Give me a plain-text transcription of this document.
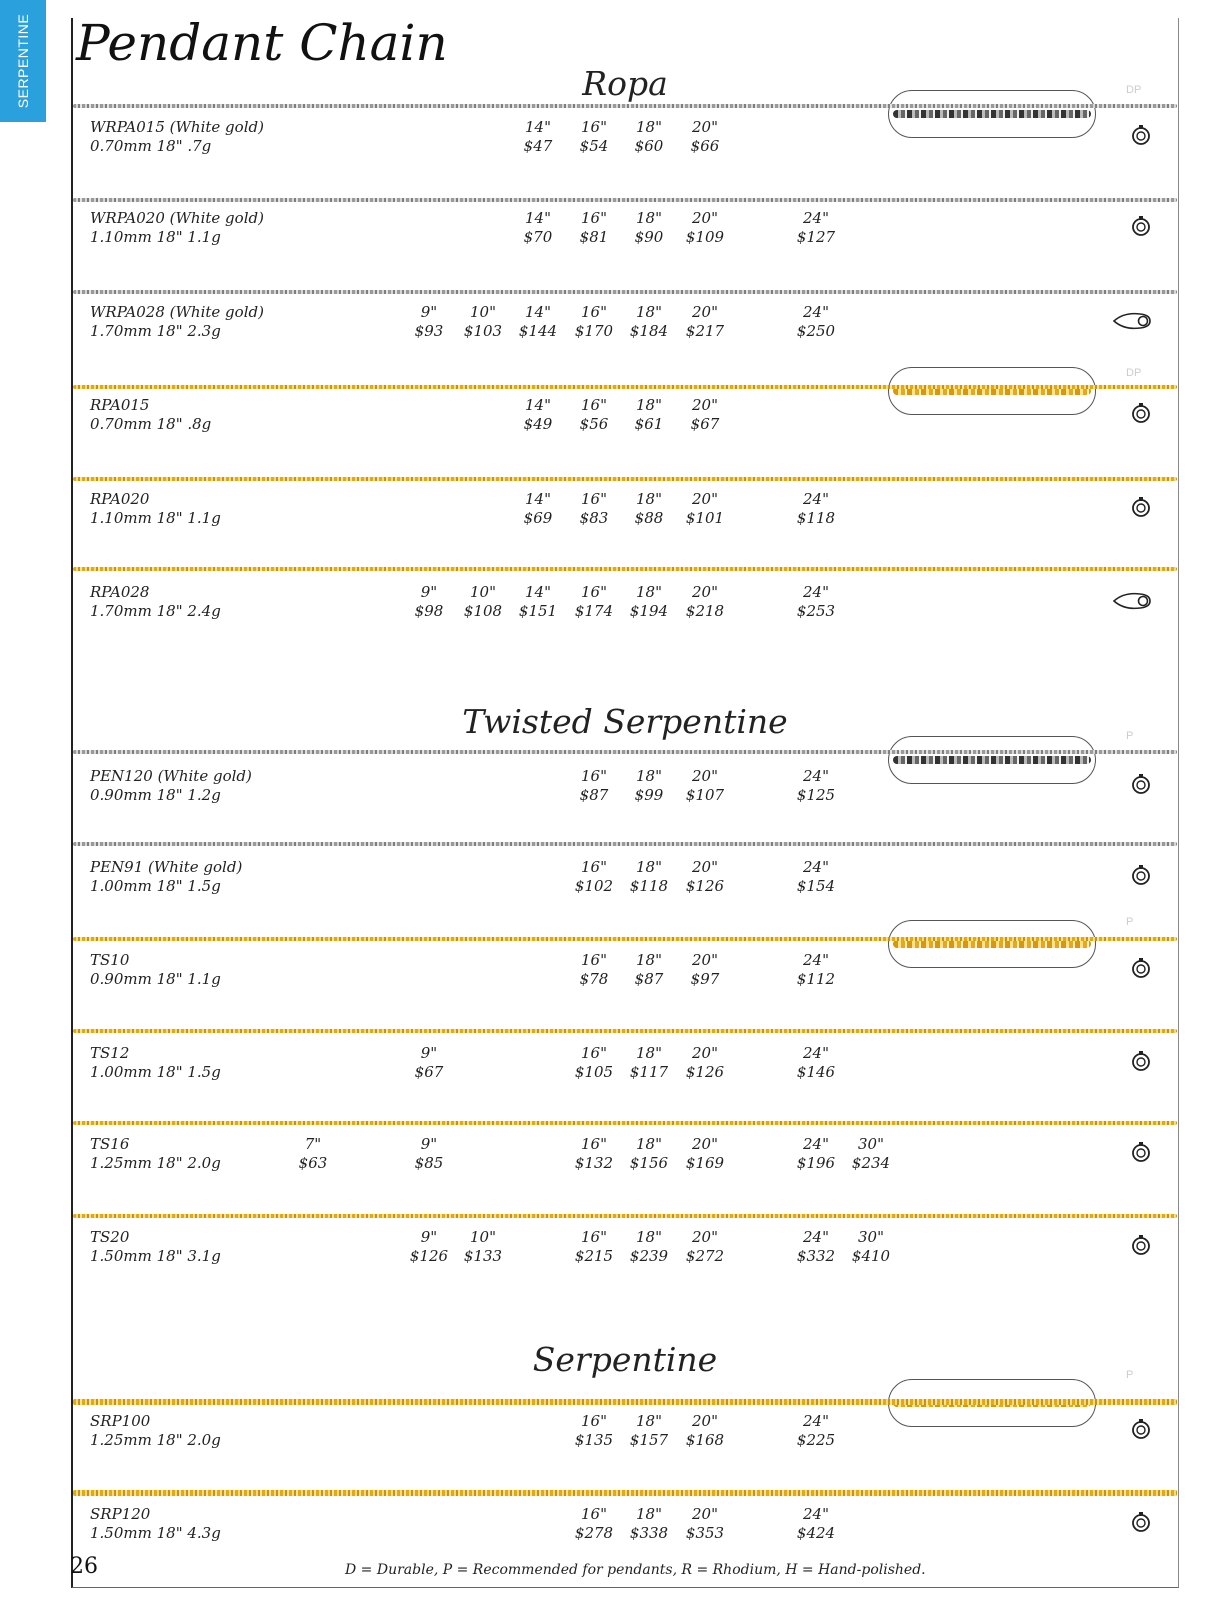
SERPENTINE Pendant Chain
Ropa
Twisted Serpentine
Serpentine
DP
DP
P
P
P
WRPA015 (White gold)
0.70mm 18" .7g
14"
$47
16"
$54
18"
$60
20"
$66
WRPA020 (White gold)
1.10mm 18" 1.1g
14"
$70
16"
$81
18"
$90
20"
$109
24"
$127
WRPA028 (White gold)
1.70mm 18" 2.3g
9"
$93
10"
$103
14"
$144
16"
$170
18"
$184
20"
$217
24"
$250
RPA015
0.70mm 18" .8g
14"
$49
16"
$56
18"
$61
20"
$67
RPA020
1.10mm 18" 1.1g
14"
$69
16"
$83
18"
$88
20"
$101
24"
$118
RPA028
1.70mm 18" 2.4g
9"
$98
10"
$108
14"
$151
16"
$174
18"
$194
20"
$218
24"
$253
PEN120 (White gold)
0.90mm 18" 1.2g
16"
$87
18"
$99
20"
$107
24"
$125
PEN91 (White gold)
1.00mm 18" 1.5g
16"
$102
18"
$118
20"
$126
24"
$154
TS10
0.90mm 18" 1.1g
16"
$78
18"
$87
20"
$97
24"
$112
TS12
1.00mm 18" 1.5g
9"
$67
16"
$105
18"
$117
20"
$126
24"
$146
TS16
1.25mm 18" 2.0g
7"
$63
9"
$85
16"
$132
18"
$156
20"
$169
24"
$196
30"
$234
TS20
1.50mm 18" 3.1g
9"
$126
10"
$133
16"
$215
18"
$239
20"
$272
24"
$332
30"
$410
SRP100
1.25mm 18" 2.0g
16"
$135
18"
$157
20"
$168
24"
$225
SRP120
1.50mm 18" 4.3g
16"
$278
18"
$338
20"
$353
24"
$424
26	D = Durable, P = Recommended for pendants, R = Rhodium, H = Hand-polished.
